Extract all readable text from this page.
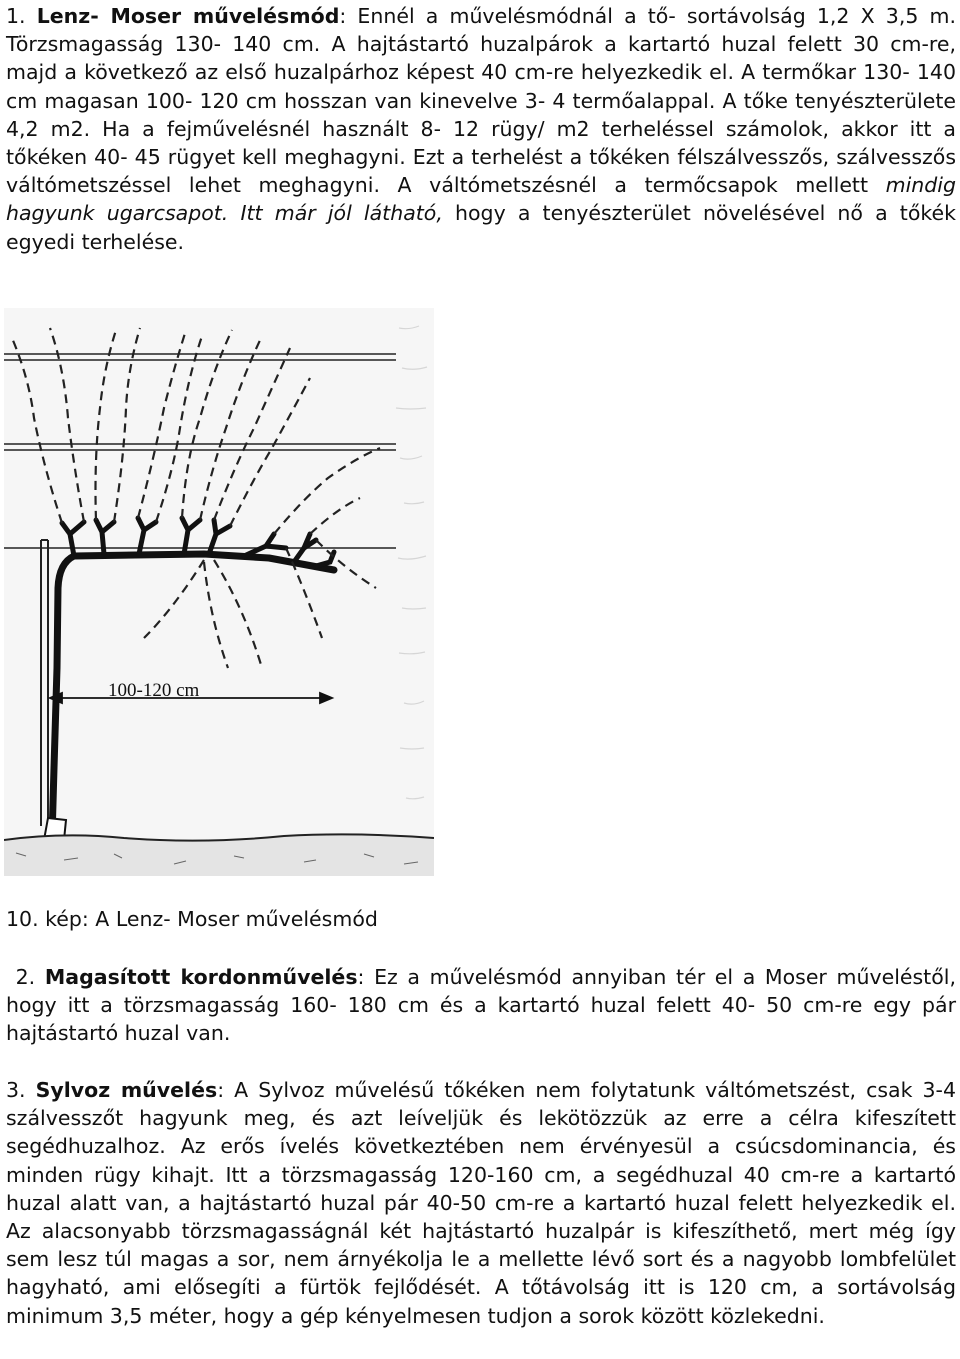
1. Lenz- Moser művelésmód: Ennél a művelésmódnál a tő- sortávolság 1,2 X 3,5 m. Törzsmagasság 130- 140 cm. A hajtástartó huzalpárok a kartartó huzal felett 30 cm-re, majd a következő az első huzalpárhoz képest 40 cm-re helyezkedik el. A termőkar 130- 140 cm magasan 100- 120 cm hosszan van kinevelve 3- 4 termőalappal. A tőke tenyészterülete 4,2 m2. Ha a fejművelésnél használt 8- 12 rügy/ m2 terheléssel számolok, akkor itt a tőkéken 40- 45 rügyet kell meghagyni. Ezt a terhelést a tőkéken félszálvesszős, szálvesszős váltómetszéssel lehet meghagyni. A váltómetszésnél a termőcsapok mellett mindig hagyunk ugarcsapot. Itt már jól látható, hogy a tenyészterület növelésével nő a tőkék egyedi terhelése.

100-120 cm
10. kép: A Lenz- Moser művelésmód

2. Magasított kordonművelés: Ez a művelésmód annyiban tér el a Moser műveléstől, hogy itt a törzsmagasság 160- 180 cm és a kartartó huzal felett 40- 50 cm-re egy pár hajtástartó huzal van.

3. Sylvoz művelés: A Sylvoz művelésű tőkéken nem folytatunk váltómetszést, csak 3-4 szálvesszőt hagyunk meg, és azt leíveljük és lekötözzük az erre a célra kifeszített segédhuzalhoz. Az erős ívelés következtében nem érvényesül a csúcsdominancia, és minden rügy kihajt. Itt a törzsmagasság 120-160 cm, a segédhuzal 40 cm-re a kartartó huzal alatt van, a hajtástartó huzal pár 40-50 cm-re a kartartó huzal felett helyezkedik el. Az alacsonyabb törzsmagasságnál két hajtástartó huzalpár is kifeszíthető, mert még így sem lesz túl magas a sor, nem árnyékolja le a mellette lévő sort és a nagyobb lombfelület hagyható, ami elősegíti a fürtök fejlődését. A tőtávolság itt is 120 cm, a sortávolság minimum 3,5 méter, hogy a gép kényelmesen tudjon a sorok között közlekedni.
